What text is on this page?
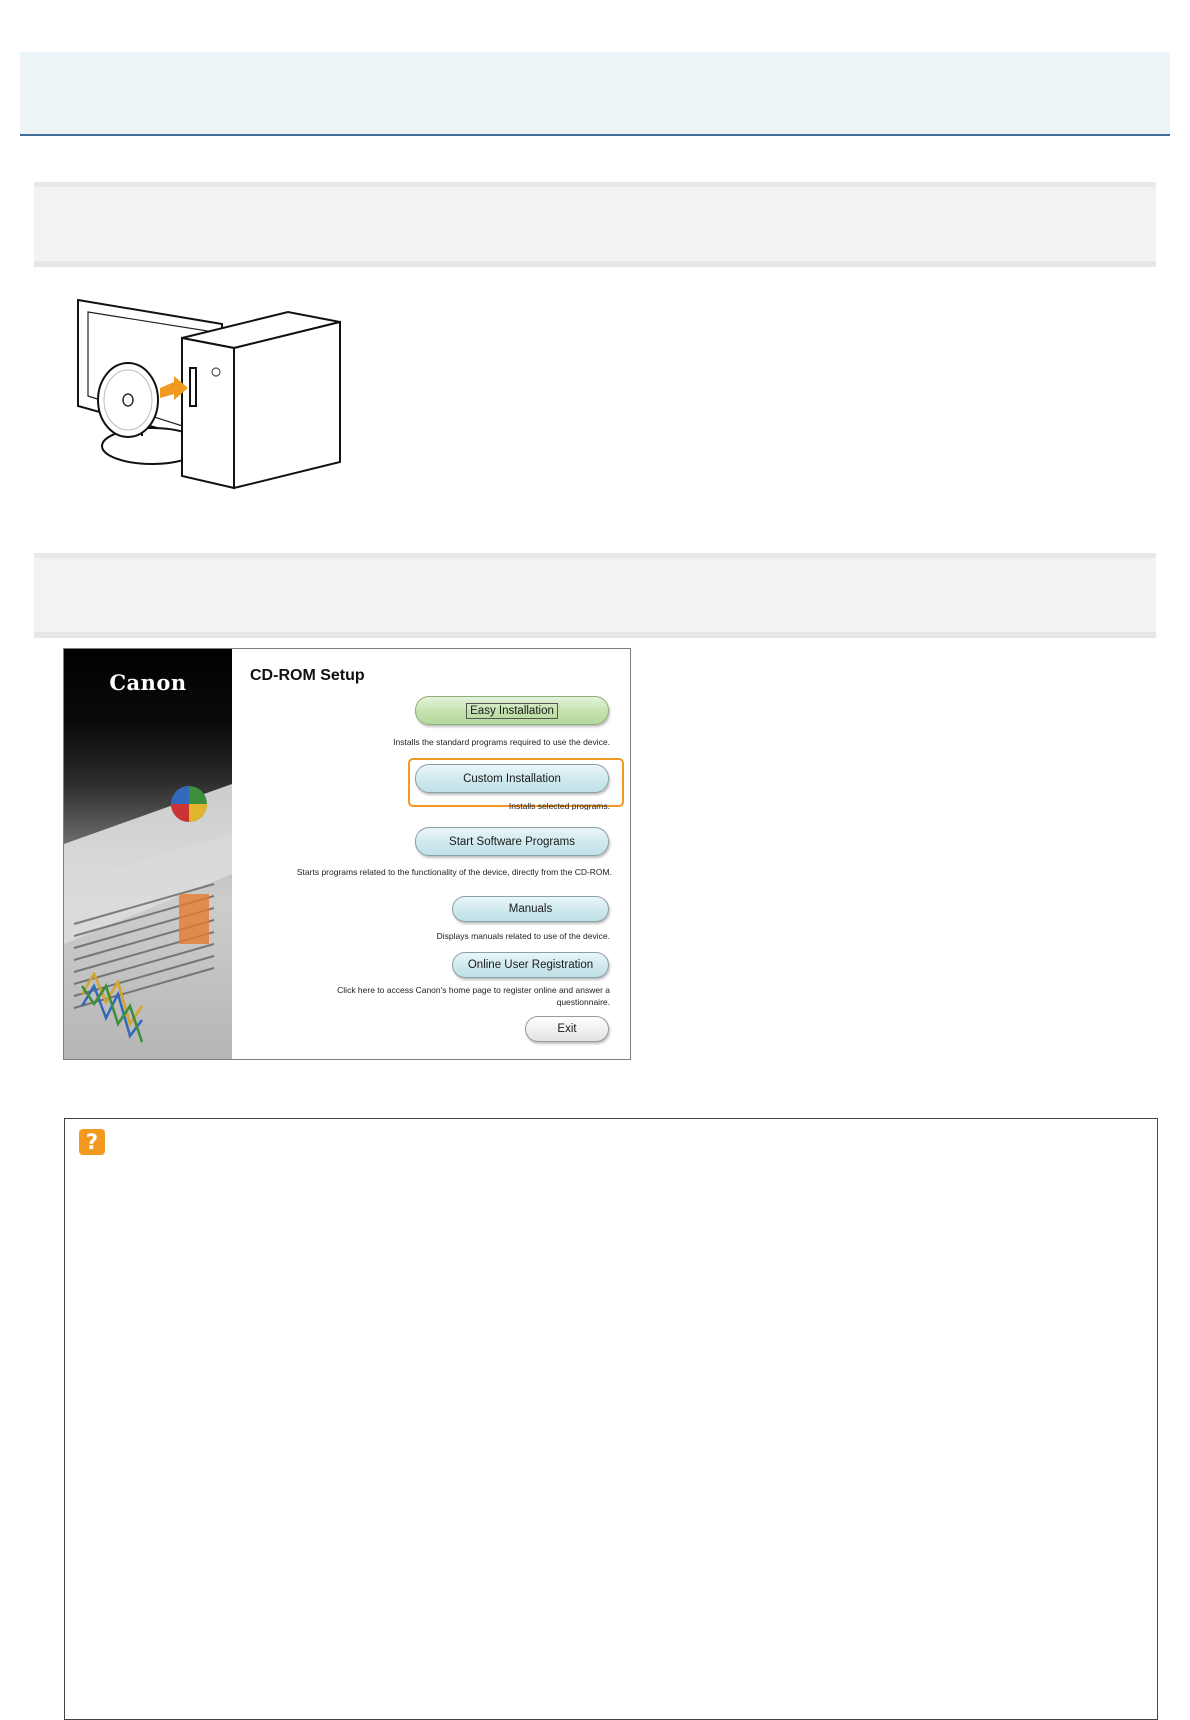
Canon	CD-ROM Setup
Easy Installation
Installs the standard programs required to use the device.
Custom Installation
Installs selected programs.
Start Software Programs
Starts programs related to the functionality of the device, directly from the CD-ROM.
Manuals
Displays manuals related to use of the device.
Online User Registration
Click here to access Canon's home page to register online and answer a
questionnaire.
Exit
?
